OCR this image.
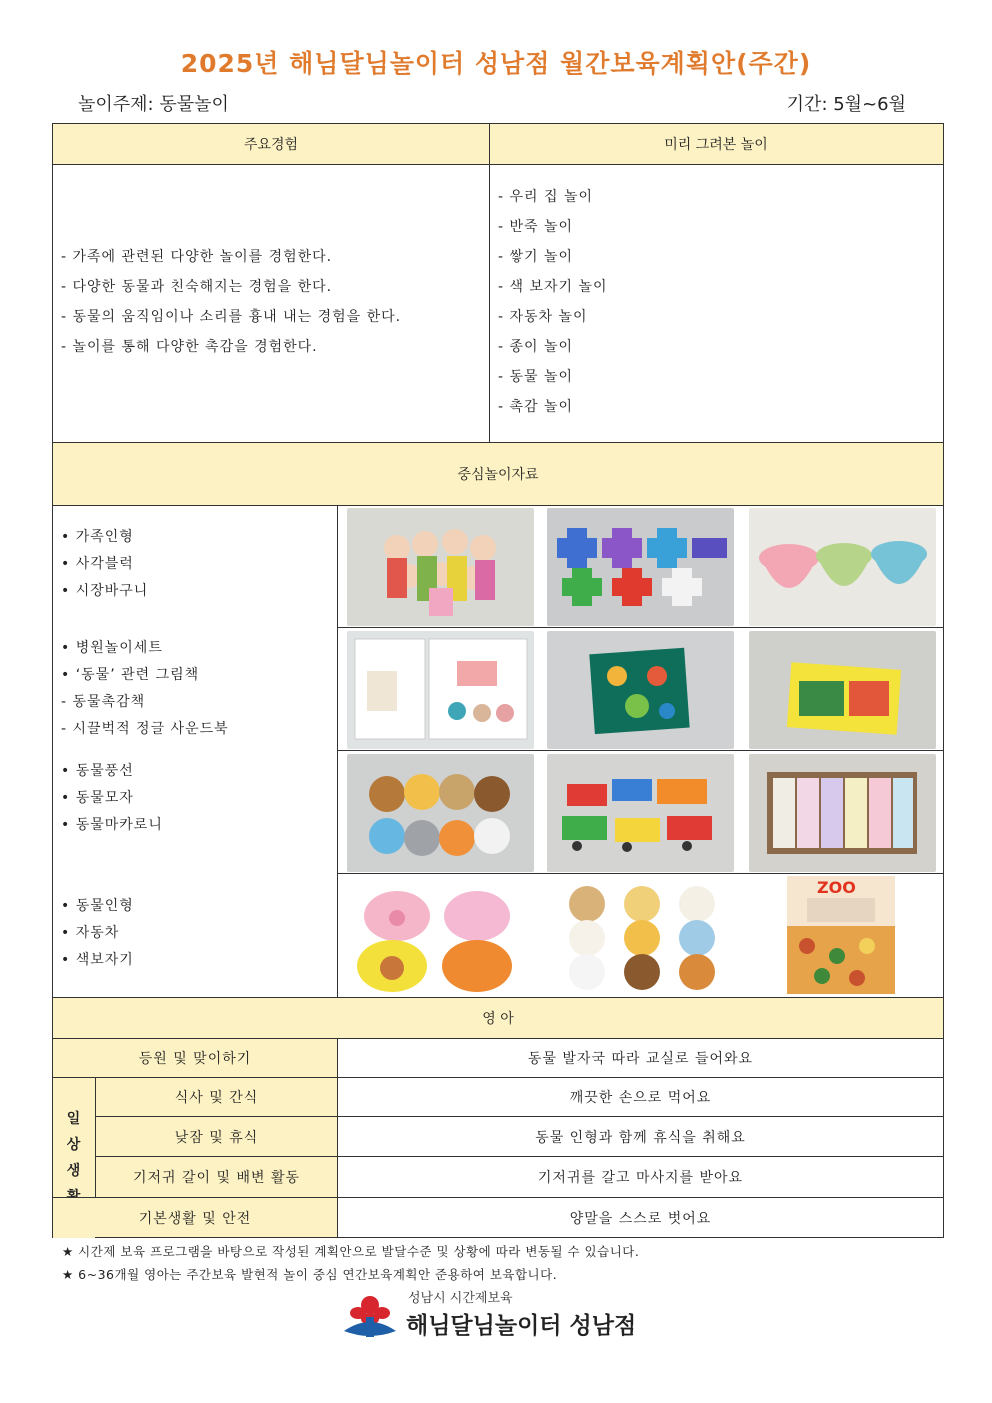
2025년 해님달님놀이터 성남점 월간보육계획안(주간)
놀이주제: 동물놀이	기간: 5월~6월
주요경험	미리 그려본 놀이
- 가족에 관련된 다양한 놀이를 경험한다.
- 다양한 동물과 친숙해지는 경험을 한다.
- 동물의 움직임이나 소리를 흉내 내는 경험을 한다.
- 놀이를 통해 다양한 촉감을 경험한다.
- 우리 집 놀이
- 반죽 놀이
- 쌓기 놀이
- 색 보자기 놀이
- 자동차 놀이
- 종이 놀이
- 동물 놀이
- 촉감 놀이
중심놀이자료
• 가족인형
• 사각블럭
• 시장바구니
• 병원놀이세트
• ‘동물’ 관련 그림책
- 동물촉감책
- 시끌벅적 정글 사운드북
• 동물풍선
• 동물모자
• 동물마카로니
• 동물인형
• 자동차
• 색보자기
ZOO
영 아
등원 및 맞이하기	동물 발자국 따라 교실로 들어와요
일
상
생
식사 및 간식	깨끗한 손으로 먹어요
낮잠 및 휴식	동물 인형과 함께 휴식을 취해요
기저귀 갈이 및 배변 활동	기저귀를 갈고 마사지를 받아요
기본생활 및 안전	양말을 스스로 벗어요
★ 시간제 보육 프로그램을 바탕으로 작성된 계획안으로 발달수준 및 상황에 따라 변동될 수 있습니다.
★ 6~36개월 영아는 주간보육 발현적 놀이 중심 연간보육계획안 준용하여 보육합니다.
성남시 시간제보육
해님달님놀이터 성남점
